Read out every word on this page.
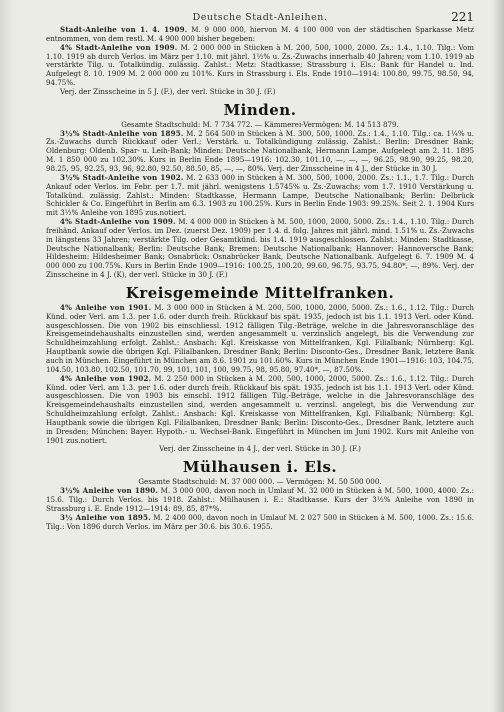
Deutsche Stadt-Anleihen.	221

Stadt-Anleihe von 1. 4. 1909. M. 9 000 000, hiervon M. 4 100 000 von der städtischen Sparkasse Metz entnommen, von dem restl. M. 4 900 000 bisher begeben:

4% Stadt-Anleihe von 1909. M. 2 000 000 in Stücken à M. 200, 500, 1000, 2000. Zs.: 1.4., 1.10. Tilg.: Vom 1.10. 1919 ab durch Verlos. im März per 1.10. mit jährl. 1½% u. Zs.-Zuwachs innerhalb 40 Jahren; vom 1.10. 1919 ab verstärkte Tilg. u. Totalkündig. zulässig. Zahlst.: Metz: Stadtkasse; Strassburg i. Els.: Bank für Handel u. Ind. Aufgelegt 8. 10. 1909 M. 2 000 000 zu 101%. Kurs in Strassburg i. Els. Ende 1910—1914: 100.80, 99.75, 98.50, 94, 94.75%.

Verj. der Zinsscheine in 5 J. (F.), der verl. Stücke in 30 J. (F.)

Minden.

Gesamte Stadtschuld: M. 7 734 772. — Kämmerei-Vermögen: M. 14 513 879.

3½% Stadt-Anleihe von 1895. M. 2 564 500 in Stücken à M. 300, 500, 1000. Zs.: 1.4., 1.10. Tilg.: ca. 1¼% u. Zs.-Zuwachs durch Rückkauf oder Verl.; Verstärk. u. Totalkündigung zulässig. Zahlst.: Berlin: Dresdner Bank; Oldenburg: Oldenb. Spar- u. Leih-Bank; Minden: Deutsche Nationalbank, Hermann Lampe. Aufgelegt am 2. 11. 1895 M. 1 850 000 zu 102.30%. Kurs in Berlin Ende 1895—1916: 102.30, 101.10, —, —, —, 96.25, 98.90, 99.25, 98.20, 98.25, 95, 92.25, 93, 96, 92.80, 92.50, 88.50, 85, —, —, 80%. Verj. der Zinsscheine in 4 J., der Stücke in 30 J.

3½% Stadt-Anleihe von 1902. M. 2 633 000 in Stücken à M. 300, 500, 1000, 2000. Zs.: 1.1., 1.7. Tilg.: Durch Ankauf oder Verlos. im Febr. per 1.7. mit jährl. wenigstens 1.5745% u. Zs.-Zuwachs; vom 1.7. 1910 Verstärkung u. Totalkünd. zulässig. Zahlst.: Minden: Stadtkasse, Hermann Lampe, Deutsche Nationalbank; Berlin: Delbrück Schickler & Co. Eingeführt in Berlin am 6.3. 1903 zu 100.25%. Kurs in Berlin Ende 1903: 99.25%. Seit 2. 1. 1904 Kurs mit 3½% Anleihe von 1895 zus.notiert.

4% Stadt-Anleihe von 1909. M. 4 000 000 in Stücken à M. 500, 1000, 2000, 5000. Zs.: 1.4., 1.10. Tilg.: Durch freihänd. Ankauf oder Verlos. im Dez. (zuerst Dez. 1909) per 1.4. d. folg. Jahres mit jährl. mind. 1.51% u. Zs.-Zuwachs in längstens 33 Jahren; verstärkte Tilg. oder Gesamtkünd. bis 1.4. 1919 ausgeschlossen. Zahlst.: Minden: Stadtkasse, Deutsche Nationalbank; Berlin: Deutsche Bank; Bremen: Deutsche Nationalbank; Hannover: Hannoversche Bank; Hildesheim: Hildesheimer Bank; Osnabrück: Osnabrücker Bank, Deutsche Nationalbank. Aufgelegt 6. 7. 1909 M. 4 000 000 zu 100.75%. Kurs in Berlin Ende 1909—1916: 100.25, 100.20, 99.60, 96.75, 93.75, 94.80*, —, 89%. Verj. der Zinsscheine in 4 J. (K), der verl. Stücke in 30 J. (F.)

Kreisgemeinde Mittelfranken.

4% Anleihe von 1901. M. 3 000 000 in Stücken à M. 200, 500, 1000, 2000, 5000. Zs.: 1.6., 1.12. Tilg.: Durch Künd. oder Verl. am 1.3. per 1.6. oder durch freih. Rückkauf bis spät. 1935, jedoch ist bis 1.1. 1913 Verl. oder Künd. ausgeschlossen. Die von 1902 bis einschliessl. 1912 fälligen Tilg.-Beträge, welche in die Jahresvoranschläge des Kreisgemeindehaushalts einzustellen sind, werden angesammelt u. verzinslich angelegt, bis die Verwendung zur Schuldheimzahlung erfolgt. Zahlst.: Ansbach: Kgl. Kreiskasse von Mittelfranken, Kgl. Filialbank; Nürnberg: Kgl. Hauptbank sowie die übrigen Kgl. Filialbanken, Dresdner Bank; Berlin: Disconto-Ges., Dresdner Bank, letztere Bank auch in München. Eingeführt in München am 8.6. 1901 zu 101.60%. Kurs in München Ende 1901—1916: 103, 104.75, 104.50, 103.80, 102.50, 101.70, 99, 101, 101, 100, 99.75, 98, 95.80, 97.40*, —, 87.50%.

4% Anleihe von 1902. M. 2 250 000 in Stücken à M. 200, 500, 1000, 2000, 5000. Zs.: 1.6., 1.12. Tilg.: Durch Künd. oder Verl. am 1.3. per 1.6. oder durch freih. Rückkauf bis spät. 1935, jedoch ist bis 1.1. 1913 Verl. oder Künd. ausgeschlossen. Die von 1903 bis einschl. 1912 fälligen Tilg.-Beträge, welche in die Jahresvoranschläge des Kreisgemeindehaushalts einzustellen sind, werden angesammelt u. verzinsl. angelegt, bis die Verwendung zur Schuldheimzahlung erfolgt. Zahlst.: Ansbach: Kgl. Kreiskasse von Mittelfranken, Kgl. Filialbank; Nürnberg: Kgl. Hauptbank sowie die übrigen Kgl. Filialbanken, Dresdner Bank; Berlin: Disconto-Ges., Dresdner Bank, letztere auch in Dresden; München: Bayer. Hypoth.- u. Wechsel-Bank. Eingeführt in München im Juni 1902. Kurs mit Anleihe von 1901 zus.notiert.

Verj. der Zinsscheine in 4 J., der verl. Stücke in 30 J. (F.)

Mülhausen i. Els.

Gesamte Stadtschuld: M. 37 000 000. — Vermögen: M. 50 500 000.

3½% Anleihe von 1890. M. 3 000 000, davon noch in Umlauf M. 32 000 in Stücken à M. 500, 1000, 4000. Zs.: 15.6. Tilg.: Durch Verlos. bis 1918. Zahlst.: Mülhausen i. E.: Stadtkasse. Kurs der 3½% Anleihe von 1890 in Strassburg i. E. Ende 1912—1914: 89, 85, 87*%.

3½ Anleihe von 1895. M. 2 400 000, davon noch in Umlauf M. 2 027 500 in Stücken à M. 500, 1000. Zs.: 15.6. Tilg.: Von 1896 durch Verlos. im März per 30.6. bis 30.6. 1955.
